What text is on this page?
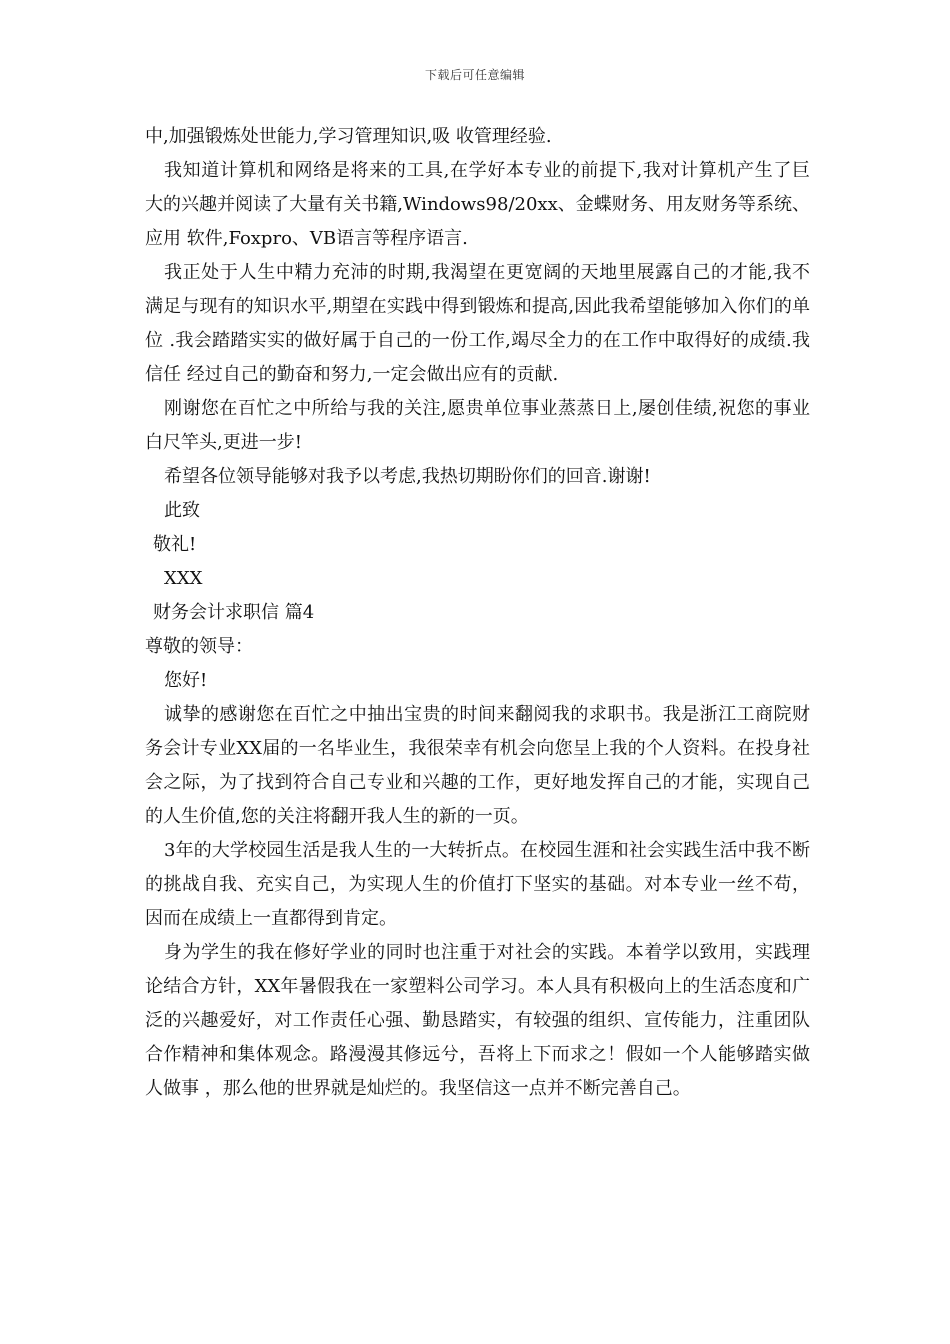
下载后可任意编辑

中,加强锻炼处世能力,学习管理知识,吸 收管理经验.

我知道计算机和网络是将来的工具,在学好本专业的前提下,我对计算机产生了巨 大的兴趣并阅读了大量有关书籍,Windows98/20xx、金蝶财务、用友财务等系统、应用 软件,Foxpro、VB语言等程序语言.

我正处于人生中精力充沛的时期,我渴望在更宽阔的天地里展露自己的才能,我不 满足与现有的知识水平,期望在实践中得到锻炼和提高,因此我希望能够加入你们的单位 .我会踏踏实实的做好属于自己的一份工作,竭尽全力的在工作中取得好的成绩.我信任 经过自己的勤奋和努力,一定会做出应有的贡献.

刚谢您在百忙之中所给与我的关注,愿贵单位事业蒸蒸日上,屡创佳绩,祝您的事业 白尺竿头,更进一步!

希望各位领导能够对我予以考虑,我热切期盼你们的回音.谢谢!

此致

敬礼!

XXX

财务会计求职信 篇4

尊敬的领导：

您好!

诚挚的感谢您在百忙之中抽出宝贵的时间来翻阅我的求职书。我是浙江工商院财务会计专业XX届的一名毕业生，我很荣幸有机会向您呈上我的个人资料。在投身社会之际，为了找到符合自己专业和兴趣的工作，更好地发挥自己的才能，实现自己的人生价值,您的关注将翻开我人生的新的一页。

3年的大学校园生活是我人生的一大转折点。在校园生涯和社会实践生活中我不断的挑战自我、充实自己，为实现人生的价值打下坚实的基础。对本专业一丝不苟，因而在成绩上一直都得到肯定。

身为学生的我在修好学业的同时也注重于对社会的实践。本着学以致用，实践理论结合方针，XX年暑假我在一家塑料公司学习。本人具有积极向上的生活态度和广泛的兴趣爱好，对工作责任心强、勤恳踏实，有较强的组织、宣传能力，注重团队合作精神和集体观念。路漫漫其修远兮，吾将上下而求之！假如一个人能够踏实做人做事 ，那么他的世界就是灿烂的。我坚信这一点并不断完善自己。
